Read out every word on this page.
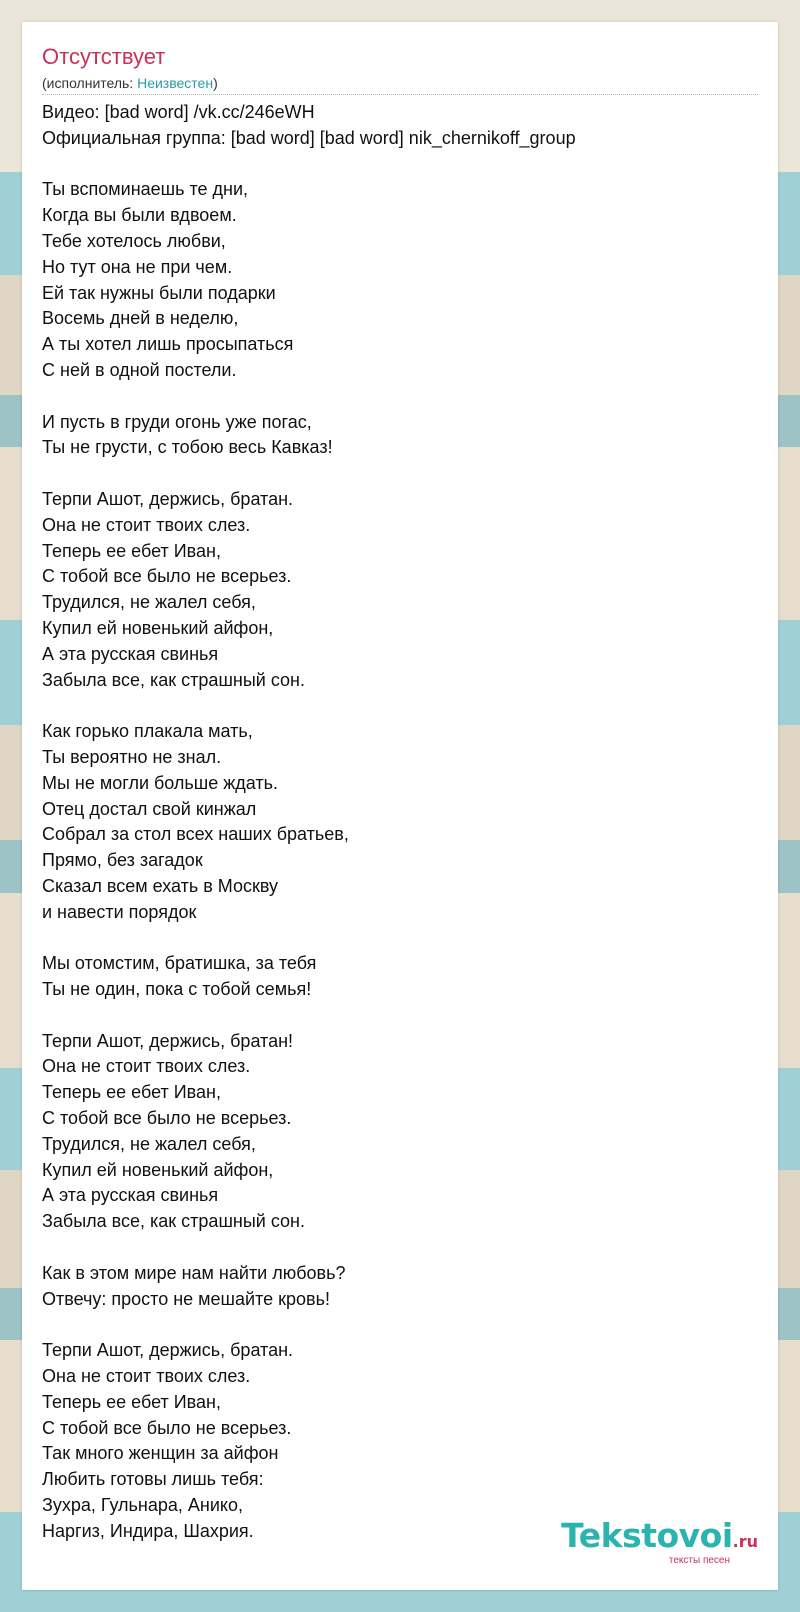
Отсутствует
(исполнитель: Неизвестен)
Видео: [bad word] /vk.cc/246eWH
Официальная группа: [bad word] [bad word] nik_chernikoff_group
Ты вспоминаешь те дни,
Когда вы были вдвоем.
Тебе хотелось любви,
Но тут она не при чем.
Ей так нужны были подарки
Восемь дней в неделю,
А ты хотел лишь просыпаться
С ней в одной постели.
И пусть в груди огонь уже погас,
Ты не грусти, с тобою весь Кавказ!
Терпи Ашот, держись, братан.
Она не стоит твоих слез.
Теперь ее ебет Иван,
С тобой все было не всерьез.
Трудился, не жалел себя,
Купил ей новенький айфон,
А эта русская свинья
Забыла все, как страшный сон.
Как горько плакала мать,
Ты вероятно не знал.
Мы не могли больше ждать.
Отец достал свой кинжал
Собрал за стол всех наших братьев,
Прямо, без загадок
Сказал всем ехать в Москву
и навести порядок
Мы отомстим, братишка, за тебя
Ты не один, пока с тобой семья!
Терпи Ашот, держись, братан!
Она не стоит твоих слез.
Теперь ее ебет Иван,
С тобой все было не всерьез.
Трудился, не жалел себя,
Купил ей новенький айфон,
А эта русская свинья
Забыла все, как страшный сон.
Как в этом мире нам найти любовь?
Отвечу: просто не мешайте кровь!
Терпи Ашот, держись, братан.
Она не стоит твоих слез.
Теперь ее ебет Иван,
С тобой все было не всерьез.
Так много женщин за айфон
Любить готовы лишь тебя:
Зухра, Гульнара, Анико,
Наргиз, Индира, Шахрия.	Tekstovoi.ru
тексты песен
